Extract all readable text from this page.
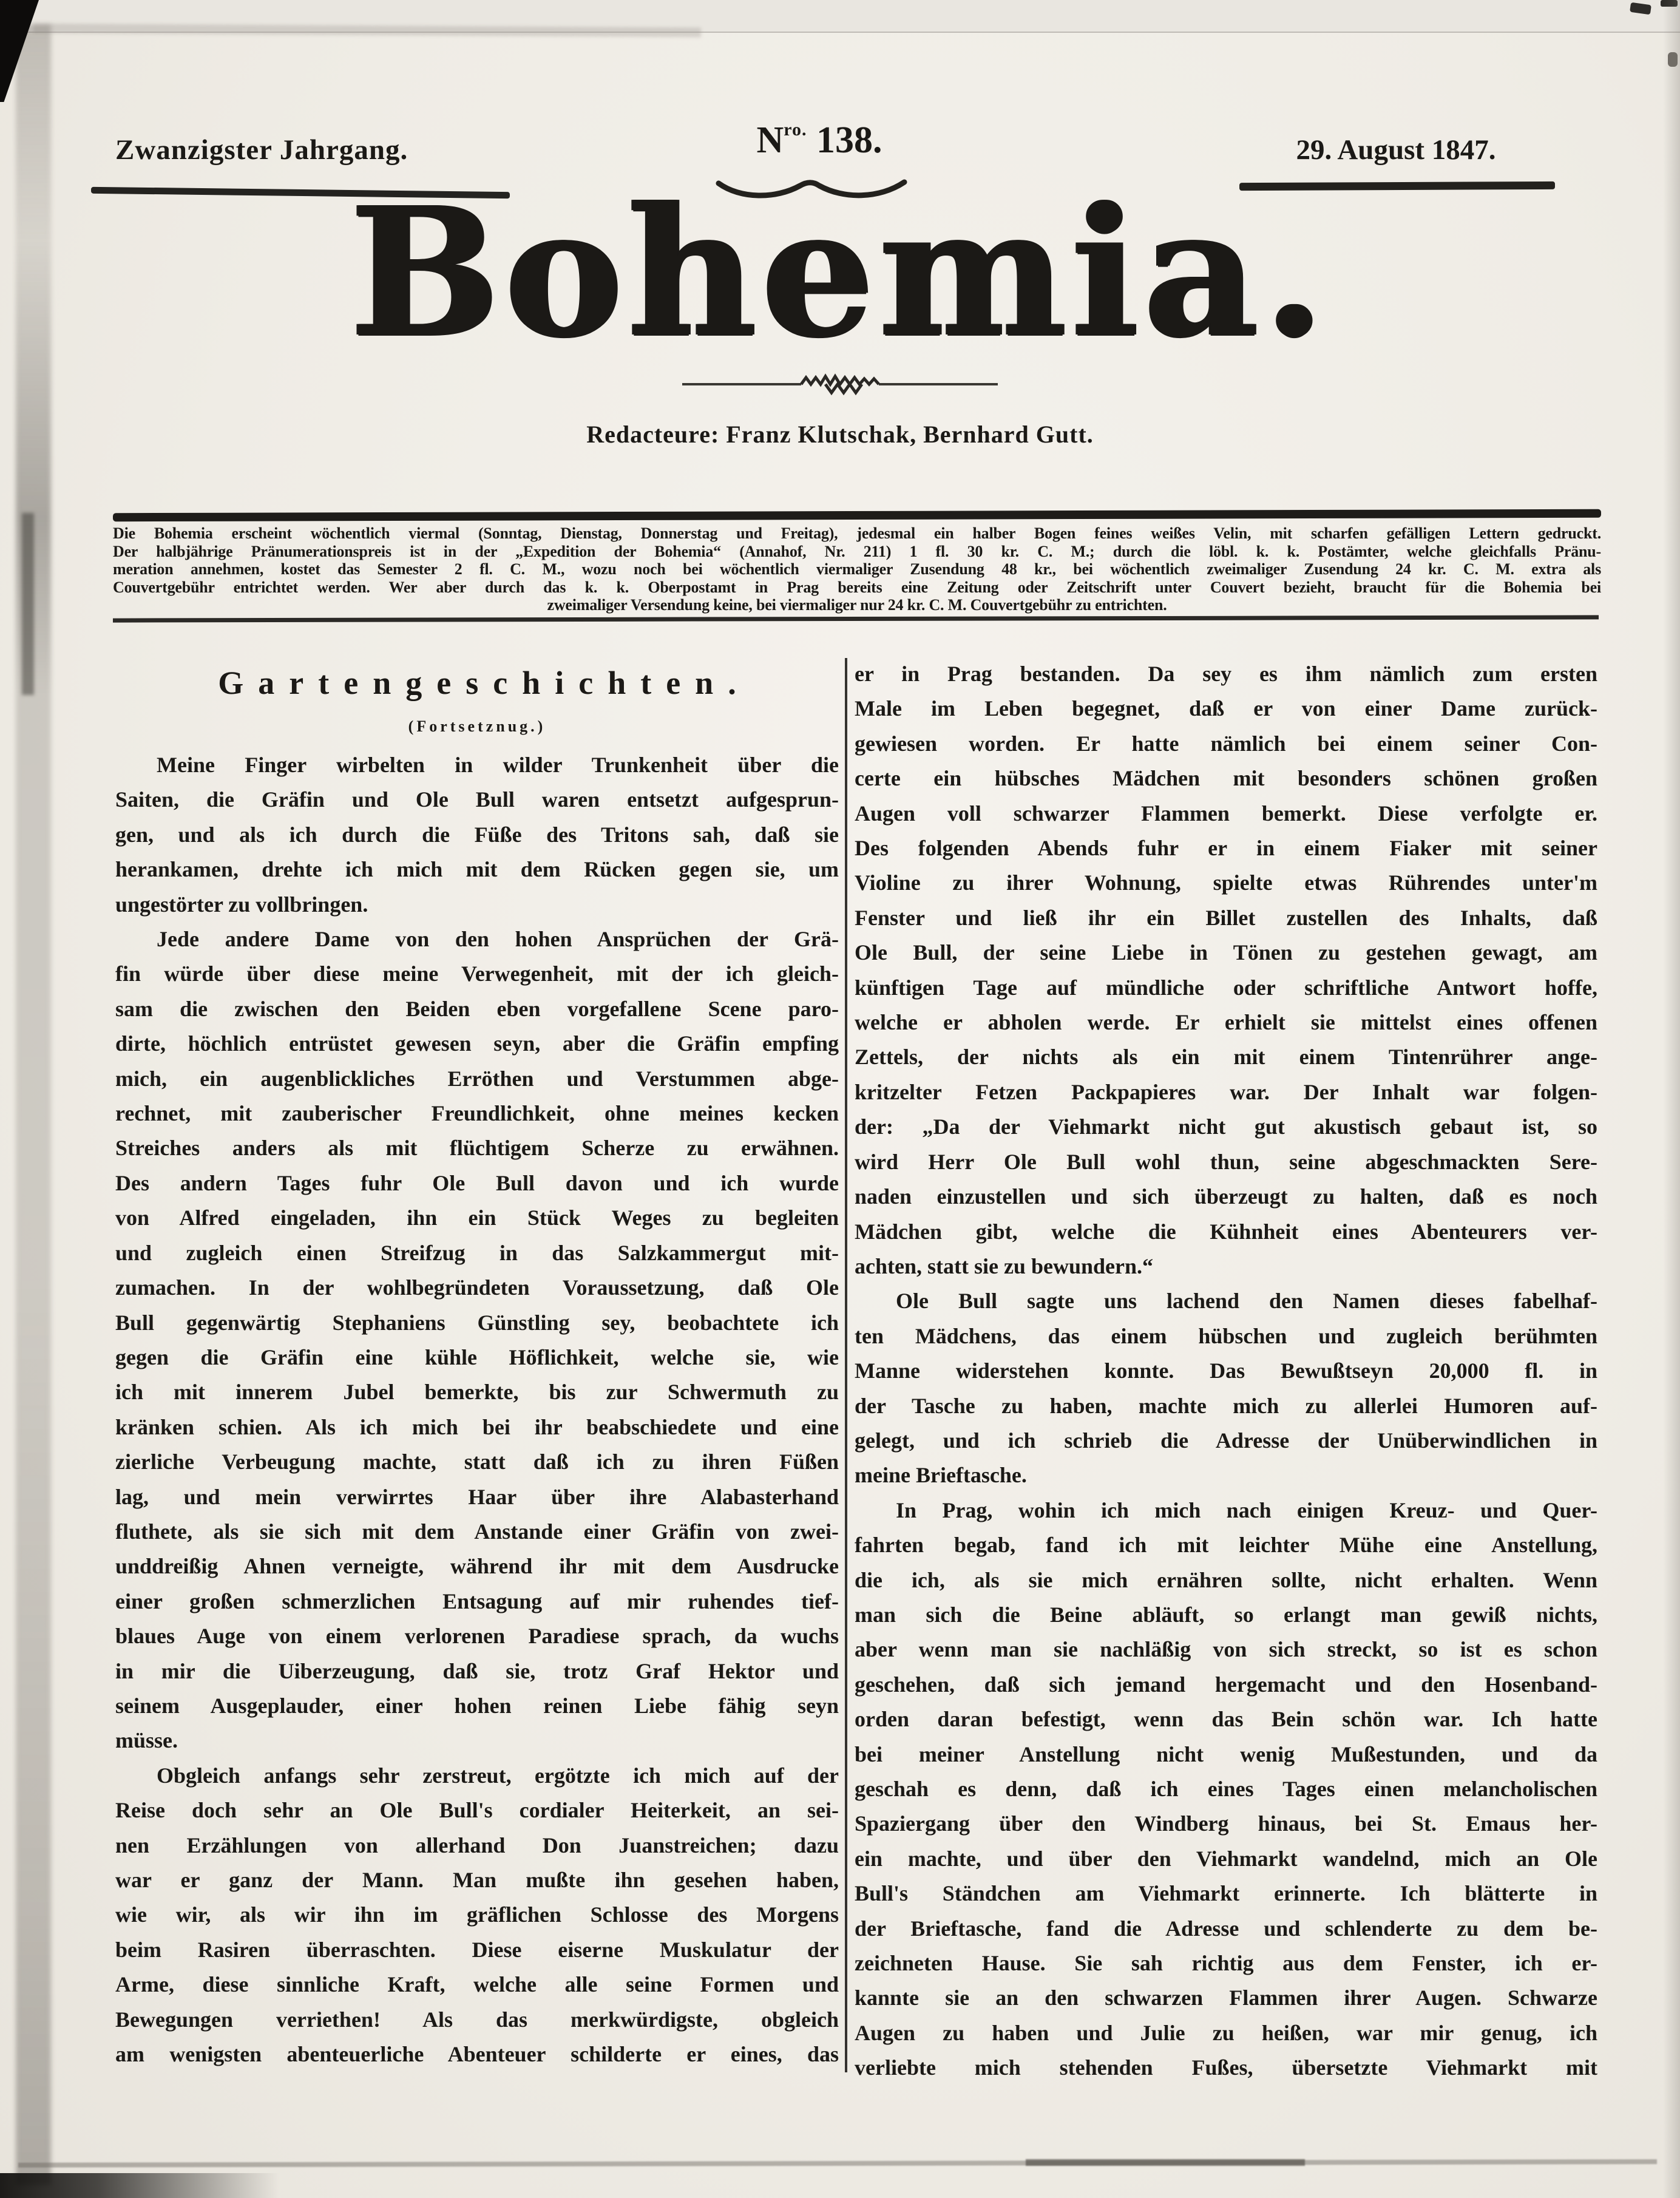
Zwanzigster Jahrgang.	$N^{ro.}$ 138.	29. August 1847.
Bohemia.
Redacteure: Franz Klutschak, Bernhard Gutt.
Die Bohemia erscheint wöchentlich viermal (Sonntag, Dienstag, Donnerstag und Freitag), jedesmal ein halber Bogen feines weißes Velin, mit scharfen gefälligen Lettern gedruckt.
Der halbjährige Pränumerationspreis ist in der „Expedition der Bohemia“ (Annahof, Nr. 211) 1 fl. 30 kr. C. M.; durch die löbl. k. k. Postämter, welche gleichfalls Pränu-
meration annehmen, kostet das Semester 2 fl. C. M., wozu noch bei wöchentlich viermaliger Zusendung 48 kr., bei wöchentlich zweimaliger Zusendung 24 kr. C. M. extra als
Couvertgebühr entrichtet werden. Wer aber durch das k. k. Oberpostamt in Prag bereits eine Zeitung oder Zeitschrift unter Couvert bezieht, braucht für die Bohemia bei
zweimaliger Versendung keine, bei viermaliger nur 24 kr. C. M. Couvertgebühr zu entrichten.
Gartengeschichten.
(Fortsetznug.)
Meine Finger wirbelten in wilder Trunkenheit über die
Saiten, die Gräfin und Ole Bull waren entsetzt aufgesprun-
gen, und als ich durch die Füße des Tritons sah, daß sie
herankamen, drehte ich mich mit dem Rücken gegen sie, um
ungestörter zu vollbringen.
Jede andere Dame von den hohen Ansprüchen der Grä-
fin würde über diese meine Verwegenheit, mit der ich gleich-
sam die zwischen den Beiden eben vorgefallene Scene paro-
dirte, höchlich entrüstet gewesen seyn, aber die Gräfin empfing
mich, ein augenblickliches Erröthen und Verstummen abge-
rechnet, mit zauberischer Freundlichkeit, ohne meines kecken
Streiches anders als mit flüchtigem Scherze zu erwähnen.
Des andern Tages fuhr Ole Bull davon und ich wurde
von Alfred eingeladen, ihn ein Stück Weges zu begleiten
und zugleich einen Streifzug in das Salzkammergut mit-
zumachen. In der wohlbegründeten Voraussetzung, daß Ole
Bull gegenwärtig Stephaniens Günstling sey, beobachtete ich
gegen die Gräfin eine kühle Höflichkeit, welche sie, wie
ich mit innerem Jubel bemerkte, bis zur Schwermuth zu
kränken schien. Als ich mich bei ihr beabschiedete und eine
zierliche Verbeugung machte, statt daß ich zu ihren Füßen
lag, und mein verwirrtes Haar über ihre Alabasterhand
fluthete, als sie sich mit dem Anstande einer Gräfin von zwei-
unddreißig Ahnen verneigte, während ihr mit dem Ausdrucke
einer großen schmerzlichen Entsagung auf mir ruhendes tief-
blaues Auge von einem verlorenen Paradiese sprach, da wuchs
in mir die Uiberzeugung, daß sie, trotz Graf Hektor und
seinem Ausgeplauder, einer hohen reinen Liebe fähig seyn
müsse.
Obgleich anfangs sehr zerstreut, ergötzte ich mich auf der
Reise doch sehr an Ole Bull's cordialer Heiterkeit, an sei-
nen Erzählungen von allerhand Don Juanstreichen; dazu
war er ganz der Mann. Man mußte ihn gesehen haben,
wie wir, als wir ihn im gräflichen Schlosse des Morgens
beim Rasiren überraschten. Diese eiserne Muskulatur der
Arme, diese sinnliche Kraft, welche alle seine Formen und
Bewegungen verriethen! Als das merkwürdigste, obgleich
am wenigsten abenteuerliche Abenteuer schilderte er eines, das
er in Prag bestanden. Da sey es ihm nämlich zum ersten
Male im Leben begegnet, daß er von einer Dame zurück-
gewiesen worden. Er hatte nämlich bei einem seiner Con-
certe ein hübsches Mädchen mit besonders schönen großen
Augen voll schwarzer Flammen bemerkt. Diese verfolgte er.
Des folgenden Abends fuhr er in einem Fiaker mit seiner
Violine zu ihrer Wohnung, spielte etwas Rührendes unter'm
Fenster und ließ ihr ein Billet zustellen des Inhalts, daß
Ole Bull, der seine Liebe in Tönen zu gestehen gewagt, am
künftigen Tage auf mündliche oder schriftliche Antwort hoffe,
welche er abholen werde. Er erhielt sie mittelst eines offenen
Zettels, der nichts als ein mit einem Tintenrührer ange-
kritzelter Fetzen Packpapieres war. Der Inhalt war folgen-
der: „Da der Viehmarkt nicht gut akustisch gebaut ist, so
wird Herr Ole Bull wohl thun, seine abgeschmackten Sere-
naden einzustellen und sich überzeugt zu halten, daß es noch
Mädchen gibt, welche die Kühnheit eines Abenteurers ver-
achten, statt sie zu bewundern.“
Ole Bull sagte uns lachend den Namen dieses fabelhaf-
ten Mädchens, das einem hübschen und zugleich berühmten
Manne widerstehen konnte. Das Bewußtseyn 20,000 fl. in
der Tasche zu haben, machte mich zu allerlei Humoren auf-
gelegt, und ich schrieb die Adresse der Unüberwindlichen in
meine Brieftasche.
In Prag, wohin ich mich nach einigen Kreuz- und Quer-
fahrten begab, fand ich mit leichter Mühe eine Anstellung,
die ich, als sie mich ernähren sollte, nicht erhalten. Wenn
man sich die Beine abläuft, so erlangt man gewiß nichts,
aber wenn man sie nachläßig von sich streckt, so ist es schon
geschehen, daß sich jemand hergemacht und den Hosenband-
orden daran befestigt, wenn das Bein schön war. Ich hatte
bei meiner Anstellung nicht wenig Mußestunden, und da
geschah es denn, daß ich eines Tages einen melancholischen
Spaziergang über den Windberg hinaus, bei St. Emaus her-
ein machte, und über den Viehmarkt wandelnd, mich an Ole
Bull's Ständchen am Viehmarkt erinnerte. Ich blätterte in
der Brieftasche, fand die Adresse und schlenderte zu dem be-
zeichneten Hause. Sie sah richtig aus dem Fenster, ich er-
kannte sie an den schwarzen Flammen ihrer Augen. Schwarze
Augen zu haben und Julie zu heißen, war mir genug, ich
verliebte mich stehenden Fußes, übersetzte Viehmarkt mit
